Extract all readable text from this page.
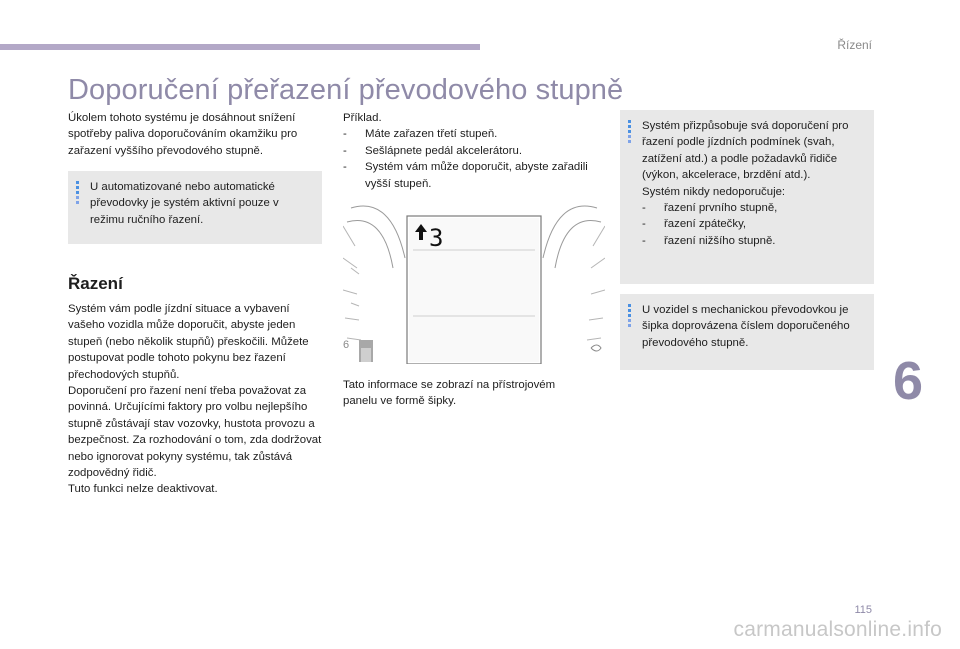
Řízení
Doporučení přeřazení převodového stupně

Úkolem tohoto systému je dosáhnout snížení spotřeby paliva doporučováním okamžiku pro zařazení vyššího převodového stupně.

U automatizované nebo automatické převodovky je systém aktivní pouze v režimu ručního řazení.

Řazení

Systém vám podle jízdní situace a vybavení vašeho vozidla může doporučit, abyste jeden stupeň (nebo několik stupňů) přeskočili. Můžete postupovat podle tohoto pokynu bez řazení přechodových stupňů.

Doporučení pro řazení není třeba považovat za povinná. Určujícími faktory pro volbu nejlepšího stupně zůstávají stav vozovky, hustota provozu a bezpečnost. Za rozhodování o tom, zda dodržovat nebo ignorovat pokyny systému, tak zůstává zodpovědný řidič.

Tuto funkci nelze deaktivovat.

Příklad.

- Máte zařazen třetí stupeň.
- Sešlápnete pedál akcelerátoru.
- Systém vám může doporučit, abyste zařadili vyšší stupeň.
6
3

Tato informace se zobrazí na přístrojovém panelu ve formě šipky.

Systém přizpůsobuje svá doporučení pro řazení podle jízdních podmínek (svah, zatížení atd.) a podle požadavků řidiče (výkon, akcelerace, brzdění atd.).

Systém nikdy nedoporučuje:

- řazení prvního stupně,
- řazení zpátečky,
- řazení nižšího stupně.

U vozidel s mechanickou převodovkou je šipka doprovázena číslem doporučeného převodového stupně.

6
115
carmanualsonline.info
